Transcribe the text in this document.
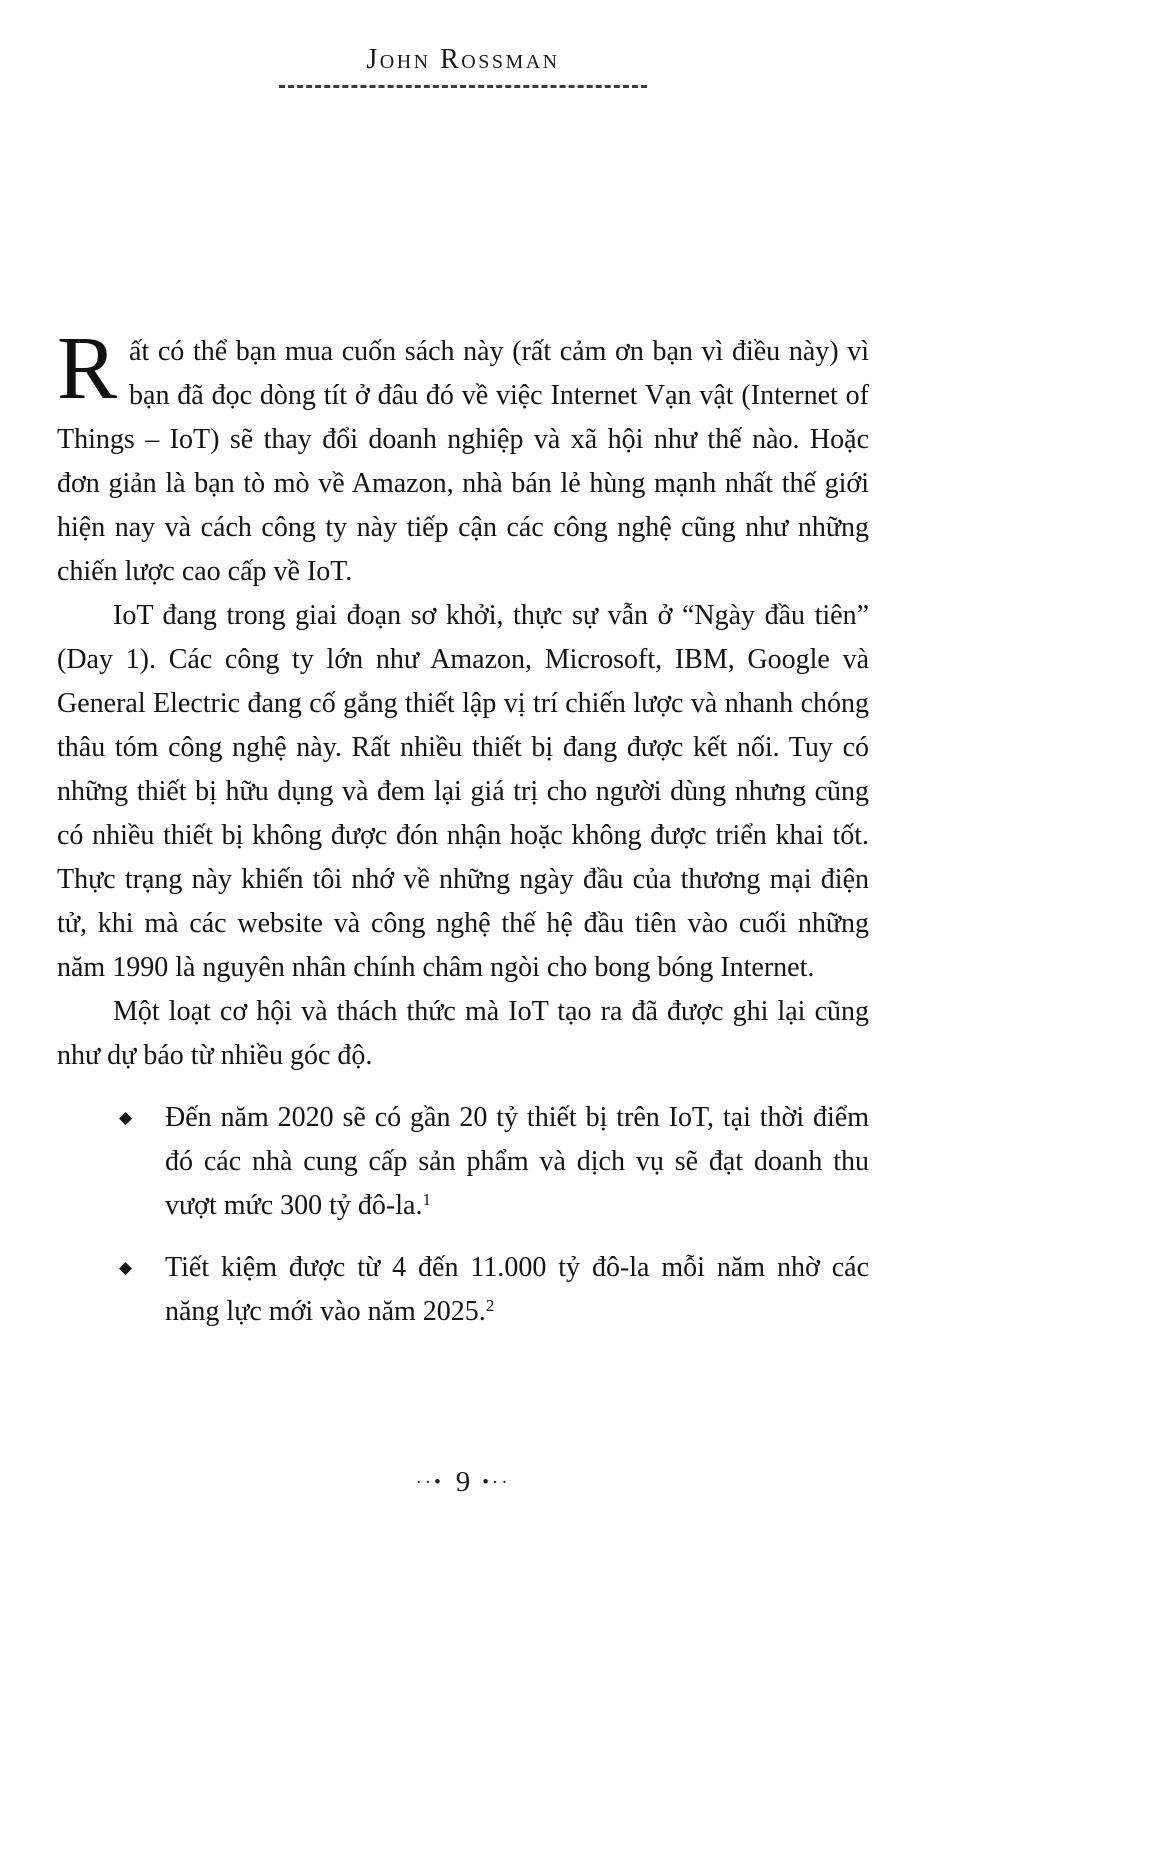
John Rossman

Rất có thể bạn mua cuốn sách này (rất cảm ơn bạn vì điều này) vì bạn đã đọc dòng tít ở đâu đó về việc Internet Vạn vật (Internet of Things – IoT) sẽ thay đổi doanh nghiệp và xã hội như thế nào. Hoặc đơn giản là bạn tò mò về Amazon, nhà bán lẻ hùng mạnh nhất thế giới hiện nay và cách công ty này tiếp cận các công nghệ cũng như những chiến lược cao cấp về IoT.

IoT đang trong giai đoạn sơ khởi, thực sự vẫn ở “Ngày đầu tiên” (Day 1). Các công ty lớn như Amazon, Microsoft, IBM, Google và General Electric đang cố gắng thiết lập vị trí chiến lược và nhanh chóng thâu tóm công nghệ này. Rất nhiều thiết bị đang được kết nối. Tuy có những thiết bị hữu dụng và đem lại giá trị cho người dùng nhưng cũng có nhiều thiết bị không được đón nhận hoặc không được triển khai tốt. Thực trạng này khiến tôi nhớ về những ngày đầu của thương mại điện tử, khi mà các website và công nghệ thế hệ đầu tiên vào cuối những năm 1990 là nguyên nhân chính châm ngòi cho bong bóng Internet.

Một loạt cơ hội và thách thức mà IoT tạo ra đã được ghi lại cũng như dự báo từ nhiều góc độ.

◆ Đến năm 2020 sẽ có gần 20 tỷ thiết bị trên IoT, tại thời điểm đó các nhà cung cấp sản phẩm và dịch vụ sẽ đạt doanh thu vượt mức 300 tỷ đô-la.$^1$
◆ Tiết kiệm được từ 4 đến 11.000 tỷ đô-la mỗi năm nhờ các năng lực mới vào năm 2025.$^2$
··• 9 •··
